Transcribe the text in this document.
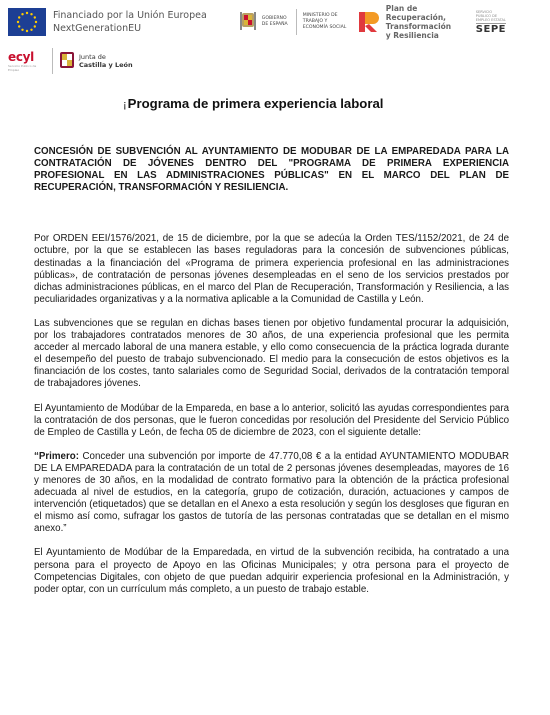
Financiado por la Unión Europea
NextGenerationEU
GOBIERNO DE ESPAÑA
MINISTERIO DE TRABAJO Y ECONOMÍA SOCIAL
Plan de Recuperación,
Transformación
y Resiliencia
SERVICIO PÚBLICO DE EMPLEO ESTATAL
SEPE
ecyl
Servicio Público de Empleo
Junta de
Castilla y León
¡Programa de primera experiencia laboral

CONCESIÓN DE SUBVENCIÓN AL AYUNTAMIENTO DE MODUBAR DE LA EMPAREDADA PARA LA CONTRATACIÓN DE JÓVENES DENTRO DEL "PROGRAMA DE PRIMERA EXPERIENCIA PROFESIONAL EN LAS ADMINISTRACIONES PÚBLICAS" EN EL MARCO DEL PLAN DE RECUPERACIÓN, TRANSFORMACIÓN Y RESILIENCIA.

Por ORDEN EEI/1576/2021, de 15 de diciembre, por la que se adecúa la Orden TES/1152/2021, de 24 de octubre, por la que se establecen las bases reguladoras para la concesión de subvenciones públicas, destinadas a la financiación del «Programa de primera experiencia profesional en las administraciones públicas», de contratación de personas jóvenes desempleadas en el seno de los servicios prestados por dichas administraciones públicas, en el marco del Plan de Recuperación, Transformación y Resiliencia, a las peculiaridades organizativas y a la normativa aplicable a la Comunidad de Castilla y León.

Las subvenciones que se regulan en dichas bases tienen por objetivo fundamental procurar la adquisición, por los trabajadores contratados menores de 30 años, de una experiencia profesional que les permita acceder al mercado laboral de una manera estable, y ello como consecuencia de la práctica lograda durante el desempeño del puesto de trabajo subvencionado. El medio para la consecución de estos objetivos es la financiación de los costes, tanto salariales como de Seguridad Social, derivados de la contratación temporal de trabajadores jóvenes.

El Ayuntamiento de Modúbar de la Empareda, en base a lo anterior, solicitó las ayudas correspondientes para la contratación de dos personas, que le fueron concedidas por resolución del Presidente del Servicio Público de Empleo de Castilla y León, de fecha 05 de diciembre de 2023, con el siguiente detalle:

“Primero: Conceder una subvención por importe de 47.770,08 € a la entidad AYUNTAMIENTO MODUBAR DE LA EMPAREDADA para la contratación de un total de 2 personas jóvenes desempleadas, mayores de 16 y menores de 30 años, en la modalidad de contrato formativo para la obtención de la práctica profesional adecuada al nivel de estudios, en la categoría, grupo de cotización, duración, actuaciones y campos de intervención (etiquetados) que se detallan en el Anexo a esta resolución y según los desgloses que figuran en el mismo así como, sufragar los gastos de tutoría de las personas contratadas que se detallan en el mismo anexo.”

El Ayuntamiento de Modúbar de la Emparedada, en virtud de la subvención recibida, ha contratado a una persona para el proyecto de Apoyo en las Oficinas Municipales; y otra persona para el proyecto de Competencias Digitales, con objeto de que puedan adquirir experiencia profesional en la Administración, y poder optar, con un currículum más completo, a un puesto de trabajo estable.
